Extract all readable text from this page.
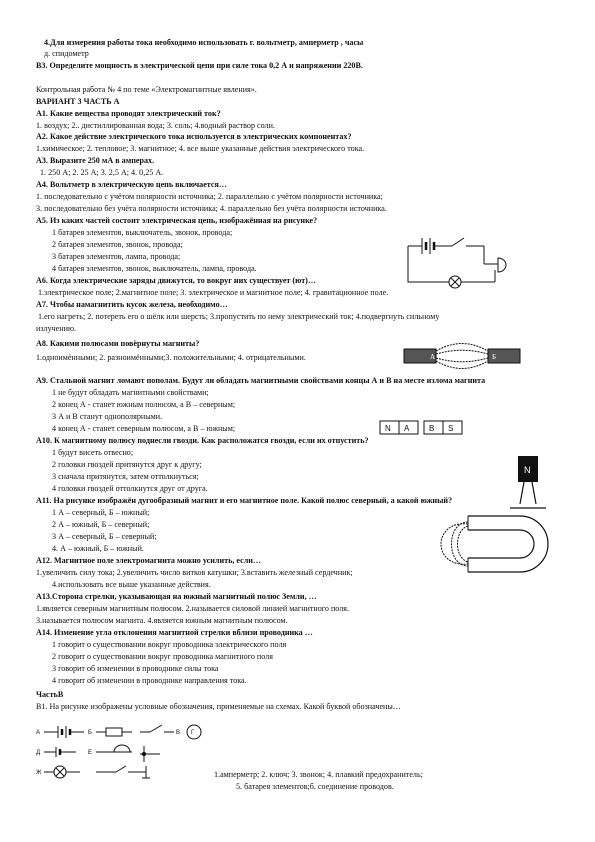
4.Для измерения работы тока необходимо использовать г. вольтметр, амперметр , часы
д. спидометр
В3. Определите мощность в электрической цепи при силе тока 0,2 А и напряжении 220В.
Контрольная работа № 4 по теме «Электромагнитные явления».
ВАРИАНТ 3 ЧАСТЬ А
А1. Какие вещества проводят электрический ток?
1. воздух; 2.. дистиллированная вода; 3. соль; 4.водный раствор соли.
А2. Какое действие электрического тока используется в электрических компонентах?
1.химическое; 2. тепловое; 3. магнитное; 4. все выше указанные действия электрического тока.
А3. Выразите 250 мА в амперах.
1. 250 А; 2. 25 А; 3. 2,5 А; 4. 0,25 А.
А4. Вольтметр в электрическую цепь включается…
1. последовательно с учётом полярности источника; 2. параллельно с учётом полярности источника;
3. последовательно без учёта полярности источника; 4. параллельно без учёта полярности источника.
А5. Из каких частей состоит электрическая цепь, изображённая на рисунке?
1 батарея элементов, выключатель, звонок, провода;
2 батарея элементов, звонок, провода;
3 батарея элементов, лампа, провода;
4 батарея элементов, звонок, выключатель, лампа, провода.
А6. Когда электрические заряды движутся, то вокруг них существует (ют)…
1.электрическое поле; 2.магнитное поле; 3. электрическое и магнитное поле; 4. гравитационное поле.
А7. Чтобы намагнитить кусок железа, необходимо…
1.его нагреть; 2. потереть его о шёлк или шерсть; 3.пропустить по нему электрический ток; 4.подвергнуть сильному
излучению.
А8. Какими полюсами повёрнуты магниты?
1.одноимёнными; 2. разноимёнными;3. положительными; 4. отрицательными.
А9. Стальной магнит ломают пополам. Будут ли обладать магнитными свойствами концы А и В на месте излома магнита
1 не будут обладать магнитными свойствами;
2 конец А - станет южным полюсом, а В – северным;
3 А и В станут однополярными.
4 конец А - станет северным полюсом, а В – южным;
А10. К магнитному полюсу поднесли гвозди. Как расположатся гвозди, если их отпустить?
1 будут висеть отвесно;
2 головки гвоздей притянутся друг к другу;
3 сначала притянутся, затем оттолкнуться;
4 головки гвоздей оттолкнутся друг от друга.
А11. На рисунке изображён дугообразный магнит и его магнитное поле. Какой полюс северный, а какой южный?
1 А – северный, Б – южный;
2 А – южный, Б – северный;
3 А – северный, Б – северный;
4. А – южный, Б – южный.
А12. Магнитное поле электромагнита можно усилить, если…
1.увеличить силу тока; 2.увеличить число витков катушки; 3.вставить железный сердечник;
4.использовать все выше указанные действия.
А13.Сторона стрелки, указывающая на южный магнитный полюс Земли, …
1.является северным магнитным полюсом. 2.называется силовой линией магнитного поля.
3.называется полюсом магнита. 4.является южным магнитным полюсом.
А14. Изменение угла отклонения магнитной стрелки вблизи проводника …
1 говорит о существовании вокруг проводника электрического поля
2 говорит о существовании вокруг проводника магнитного поля
3 говорит об изменении в проводнике силы тока
4 говорит об изменении в проводнике направления тока.
ЧастьВ
В1. На рисунке изображены условные обозначения, применяемые на схемах. Какой буквой обозначены…
1.амперметр; 2. ключ; 3. звонок; 4. плавкий предохранитель;
5. батарея элементов;б. соединение проводов.
А	Б
N A B S
N
А	Б	В Г
Д	Е
Ж
